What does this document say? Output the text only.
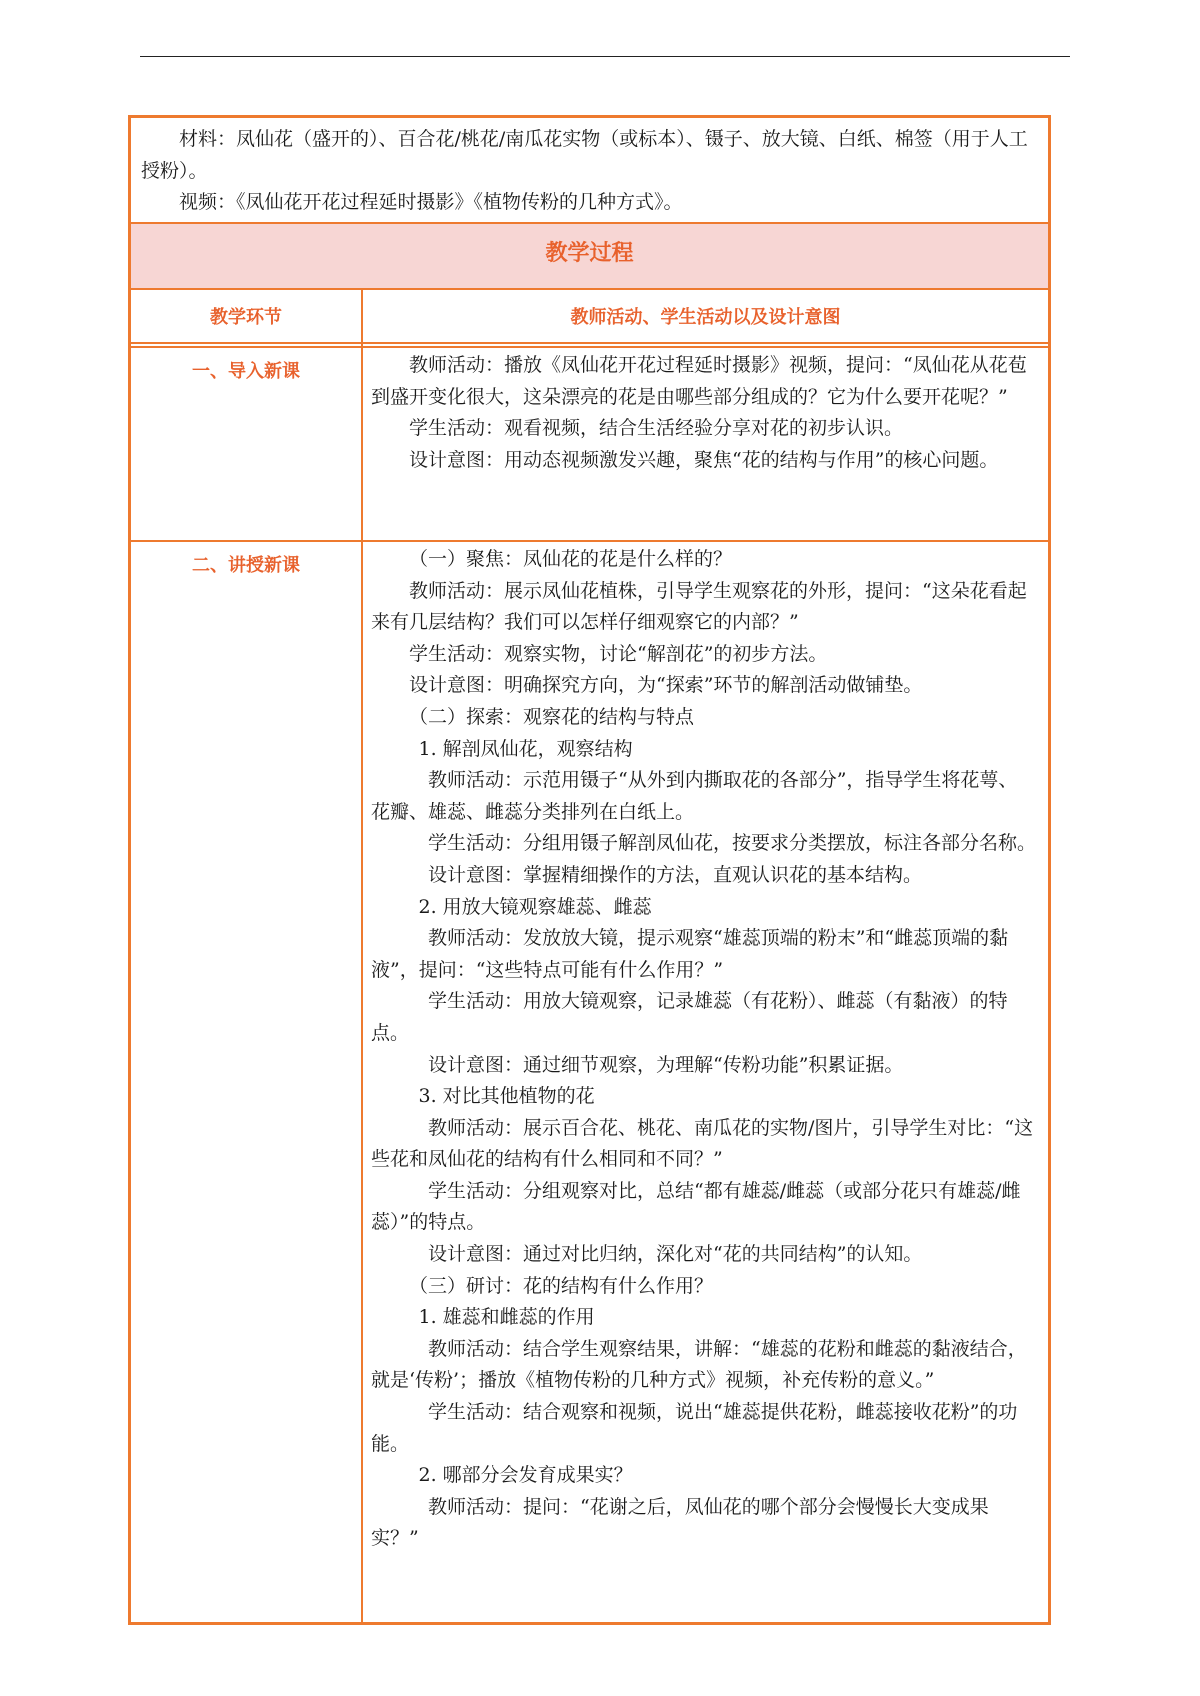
材料：凤仙花（盛开的）、百合花/桃花/南瓜花实物（或标本）、镊子、放大镜、白纸、棉签（用于人工授粉）。

视频：《凤仙花开花过程延时摄影》《植物传粉的几种方式》。

教学过程
教学环节	教师活动、学生活动以及设计意图
一、导入新课	教师活动：播放《凤仙花开花过程延时摄影》视频，提问：“凤仙花从花苞到盛开变化很大，这朵漂亮的花是由哪些部分组成的？它为什么要开花呢？”

学生活动：观看视频，结合生活经验分享对花的初步认识。

设计意图：用动态视频激发兴趣，聚焦“花的结构与作用”的核心问题。

二、讲授新课	（一）聚焦：凤仙花的花是什么样的？

教师活动：展示凤仙花植株，引导学生观察花的外形，提问：“这朵花看起来有几层结构？我们可以怎样仔细观察它的内部？”

学生活动：观察实物，讨论“解剖花”的初步方法。

设计意图：明确探究方向，为“探索”环节的解剖活动做铺垫。

（二）探索：观察花的结构与特点

1. 解剖凤仙花，观察结构

教师活动：示范用镊子“从外到内撕取花的各部分”，指导学生将花萼、花瓣、雄蕊、雌蕊分类排列在白纸上。

学生活动：分组用镊子解剖凤仙花，按要求分类摆放，标注各部分名称。

设计意图：掌握精细操作的方法，直观认识花的基本结构。

2. 用放大镜观察雄蕊、雌蕊

教师活动：发放放大镜，提示观察“雄蕊顶端的粉末”和“雌蕊顶端的黏液”，提问：“这些特点可能有什么作用？”

学生活动：用放大镜观察，记录雄蕊（有花粉）、雌蕊（有黏液）的特点。

设计意图：通过细节观察，为理解“传粉功能”积累证据。

3. 对比其他植物的花

教师活动：展示百合花、桃花、南瓜花的实物/图片，引导学生对比：“这些花和凤仙花的结构有什么相同和不同？”

学生活动：分组观察对比，总结“都有雄蕊/雌蕊（或部分花只有雄蕊/雌蕊）”的特点。

设计意图：通过对比归纳，深化对“花的共同结构”的认知。

（三）研讨：花的结构有什么作用？

1. 雄蕊和雌蕊的作用

教师活动：结合学生观察结果，讲解：“雄蕊的花粉和雌蕊的黏液结合，就是‘传粉’；播放《植物传粉的几种方式》视频，补充传粉的意义。”

学生活动：结合观察和视频，说出“雄蕊提供花粉，雌蕊接收花粉”的功能。

2. 哪部分会发育成果实？

教师活动：提问：“花谢之后，凤仙花的哪个部分会慢慢长大变成果实？”
